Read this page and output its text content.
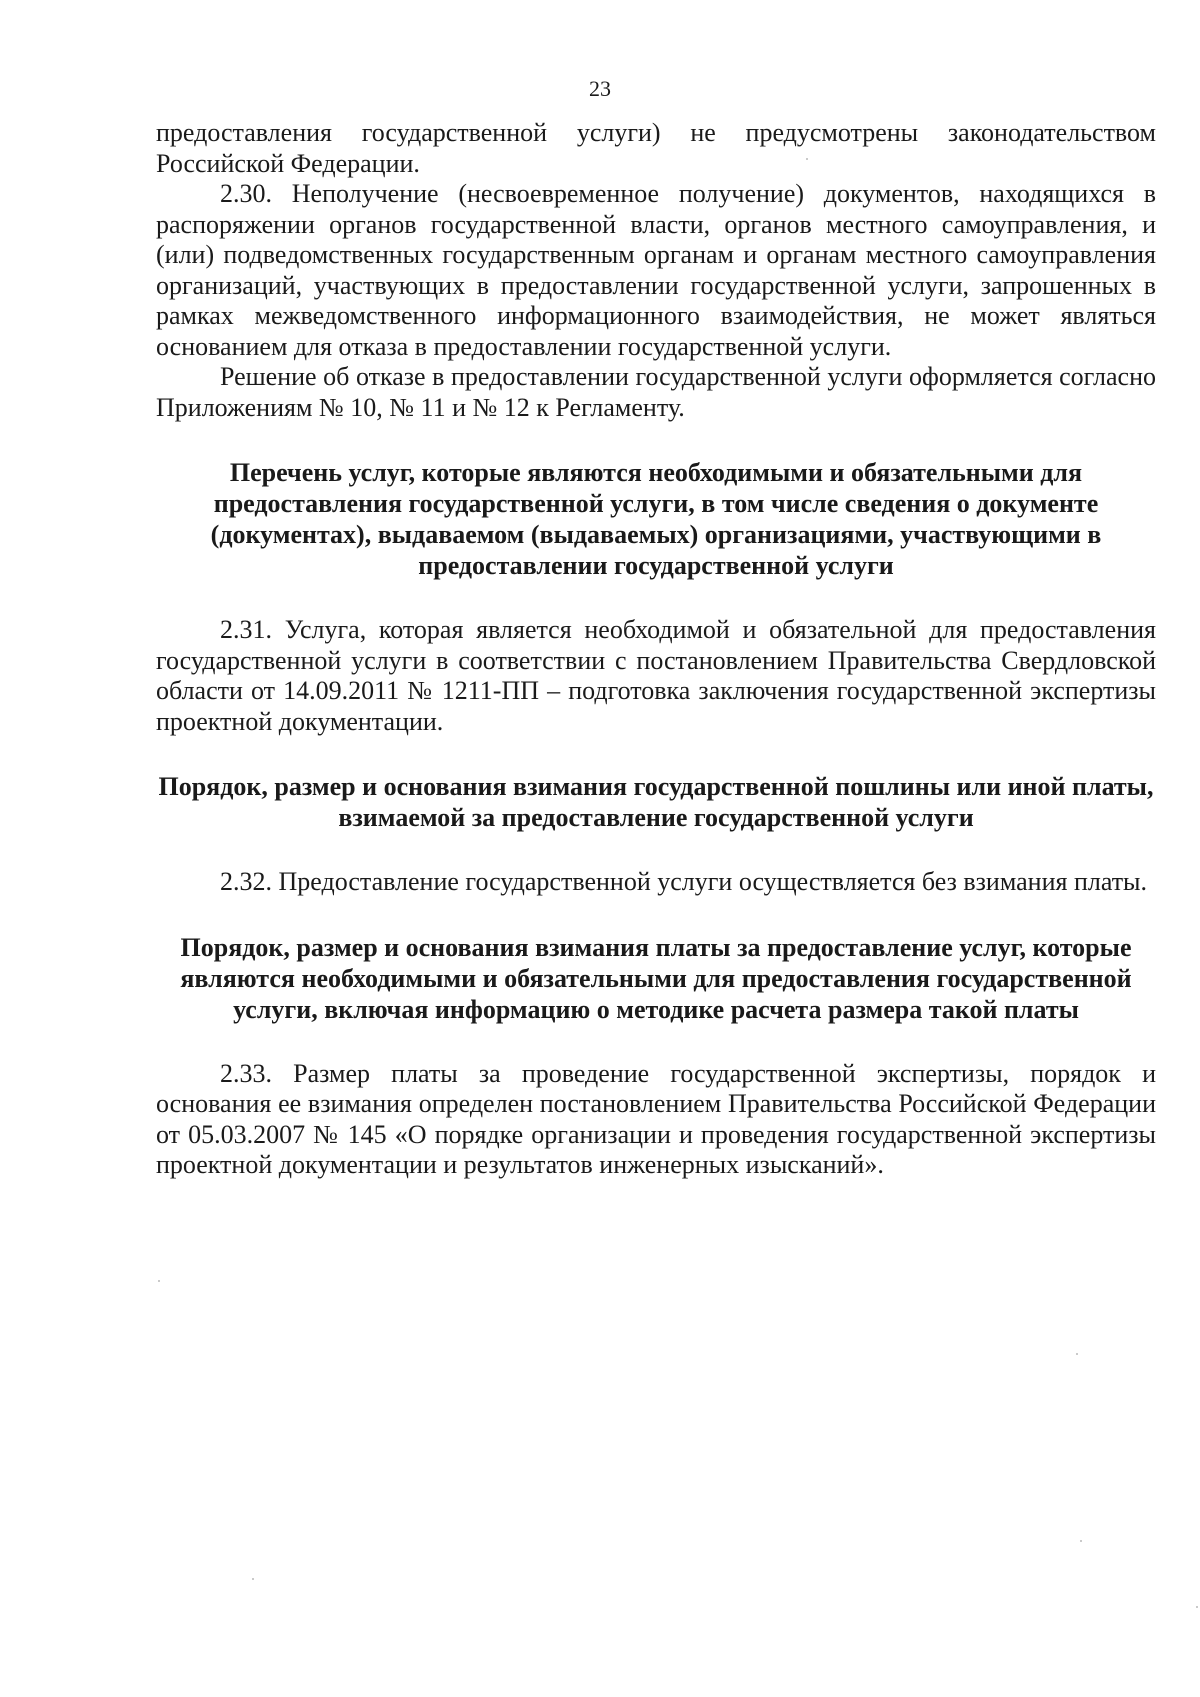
23

предоставления государственной услуги) не предусмотрены законодательством Российской Федерации.

2.30. Неполучение (несвоевременное получение) документов, находящихся в распоряжении органов государственной власти, органов местного самоуправления, и (или) подведомственных государственным органам и органам местного самоуправления организаций, участвующих в предоставлении государственной услуги, запрошенных в рамках межведомственного информационного взаимодействия, не может являться основанием для отказа в предоставлении государственной услуги.

Решение об отказе в предоставлении государственной услуги оформляется согласно Приложениям № 10, № 11 и № 12 к Регламенту.

Перечень услуг, которые являются необходимыми и обязательными для предоставления государственной услуги, в том числе сведения о документе (документах), выдаваемом (выдаваемых) организациями, участвующими в предоставлении государственной услуги

2.31. Услуга, которая является необходимой и обязательной для предоставления государственной услуги в соответствии с постановлением Правительства Свердловской области от 14.09.2011 № 1211-ПП – подготовка заключения государственной экспертизы проектной документации.

Порядок, размер и основания взимания государственной пошлины или иной платы, взимаемой за предоставление государственной услуги

2.32. Предоставление государственной услуги осуществляется без взимания платы.

Порядок, размер и основания взимания платы за предоставление услуг, которые являются необходимыми и обязательными для предоставления государственной услуги, включая информацию о методике расчета размера такой платы

2.33. Размер платы за проведение государственной экспертизы, порядок и основания ее взимания определен постановлением Правительства Российской Федерации от 05.03.2007 № 145 «О порядке организации и проведения государственной экспертизы проектной документации и результатов инженерных изысканий».
